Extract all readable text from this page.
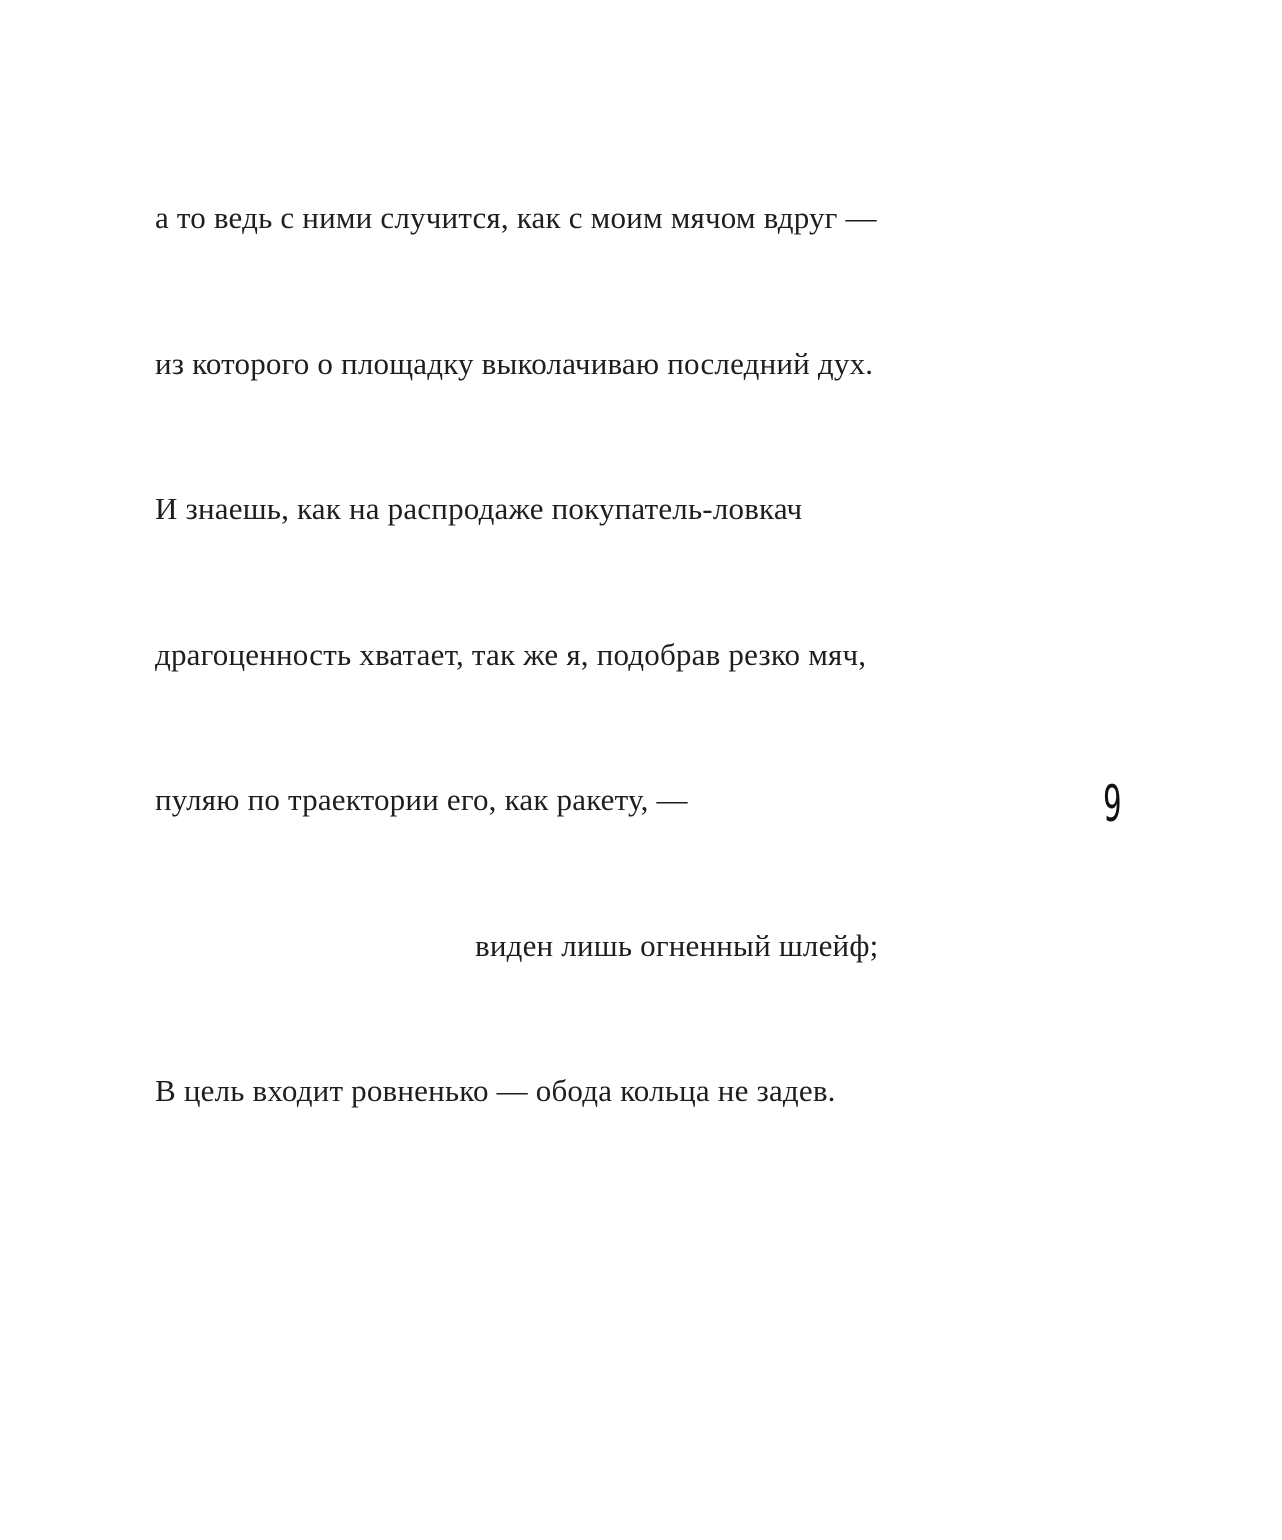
а то ведь с ними случится, как с моим мячом вдруг —

из которого о площадку выколачиваю последний дух.

И знаешь, как на распродаже покупатель-ловкач

драгоценность хватает, так же я, подобрав резко мяч,

пуляю по траектории его, как ракету, —

виден лишь огненный шлейф;

В цель входит ровненько — обода кольца не задев.

9
